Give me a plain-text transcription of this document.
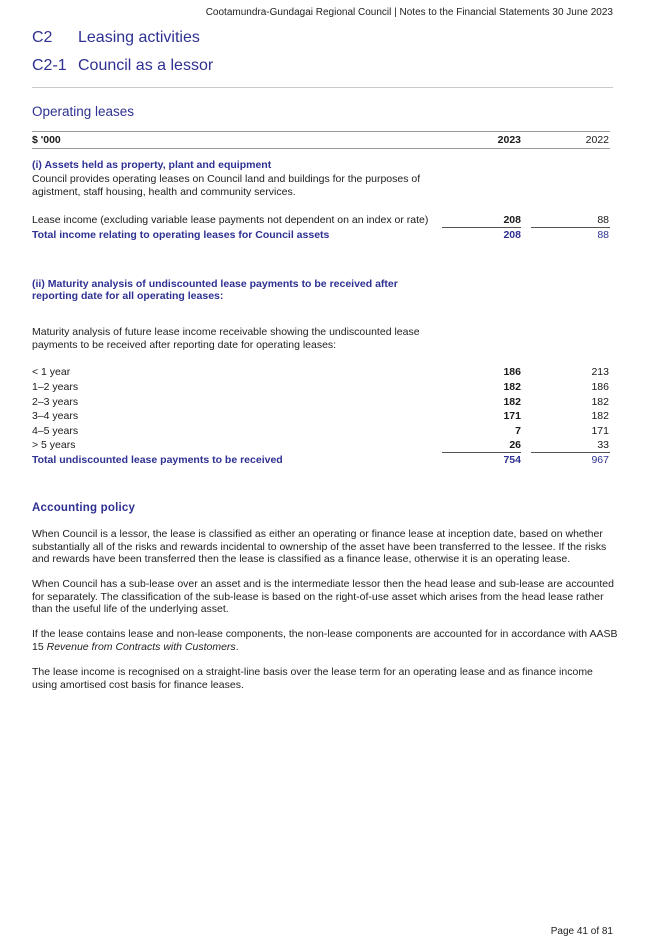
Cootamundra-Gundagai Regional Council | Notes to the Financial Statements 30 June 2023
C2 Leasing activities
C2-1 Council as a lessor
Operating leases
$ '000	2023	2022
(i) Assets held as property, plant and equipment
Council provides operating leases on Council land and buildings for the purposes of
agistment, staff housing, health and community services.
Lease income (excluding variable lease payments not dependent on an index or rate)	208	88
Total income relating to operating leases for Council assets	208	88
(ii) Maturity analysis of undiscounted lease payments to be received after
reporting date for all operating leases:
Maturity analysis of future lease income receivable showing the undiscounted lease
payments to be received after reporting date for operating leases:
< 1 year	186	213
1–2 years	182	186
2–3 years	182	182
3–4 years	171	182
4–5 years	7	171
> 5 years	26	33
Total undiscounted lease payments to be received	754	967
Accounting policy
When Council is a lessor, the lease is classified as either an operating or finance lease at inception date, based on whether
substantially all of the risks and rewards incidental to ownership of the asset have been transferred to the lessee. If the risks
and rewards have been transferred then the lease is classified as a finance lease, otherwise it is an operating lease.
When Council has a sub-lease over an asset and is the intermediate lessor then the head lease and sub-lease are accounted
for separately. The classification of the sub-lease is based on the right-of-use asset which arises from the head lease rather
than the useful life of the underlying asset.
If the lease contains lease and non-lease components, the non-lease components are accounted for in accordance with AASB
15 Revenue from Contracts with Customers.
The lease income is recognised on a straight-line basis over the lease term for an operating lease and as finance income
using amortised cost basis for finance leases.
Page 41 of 81
